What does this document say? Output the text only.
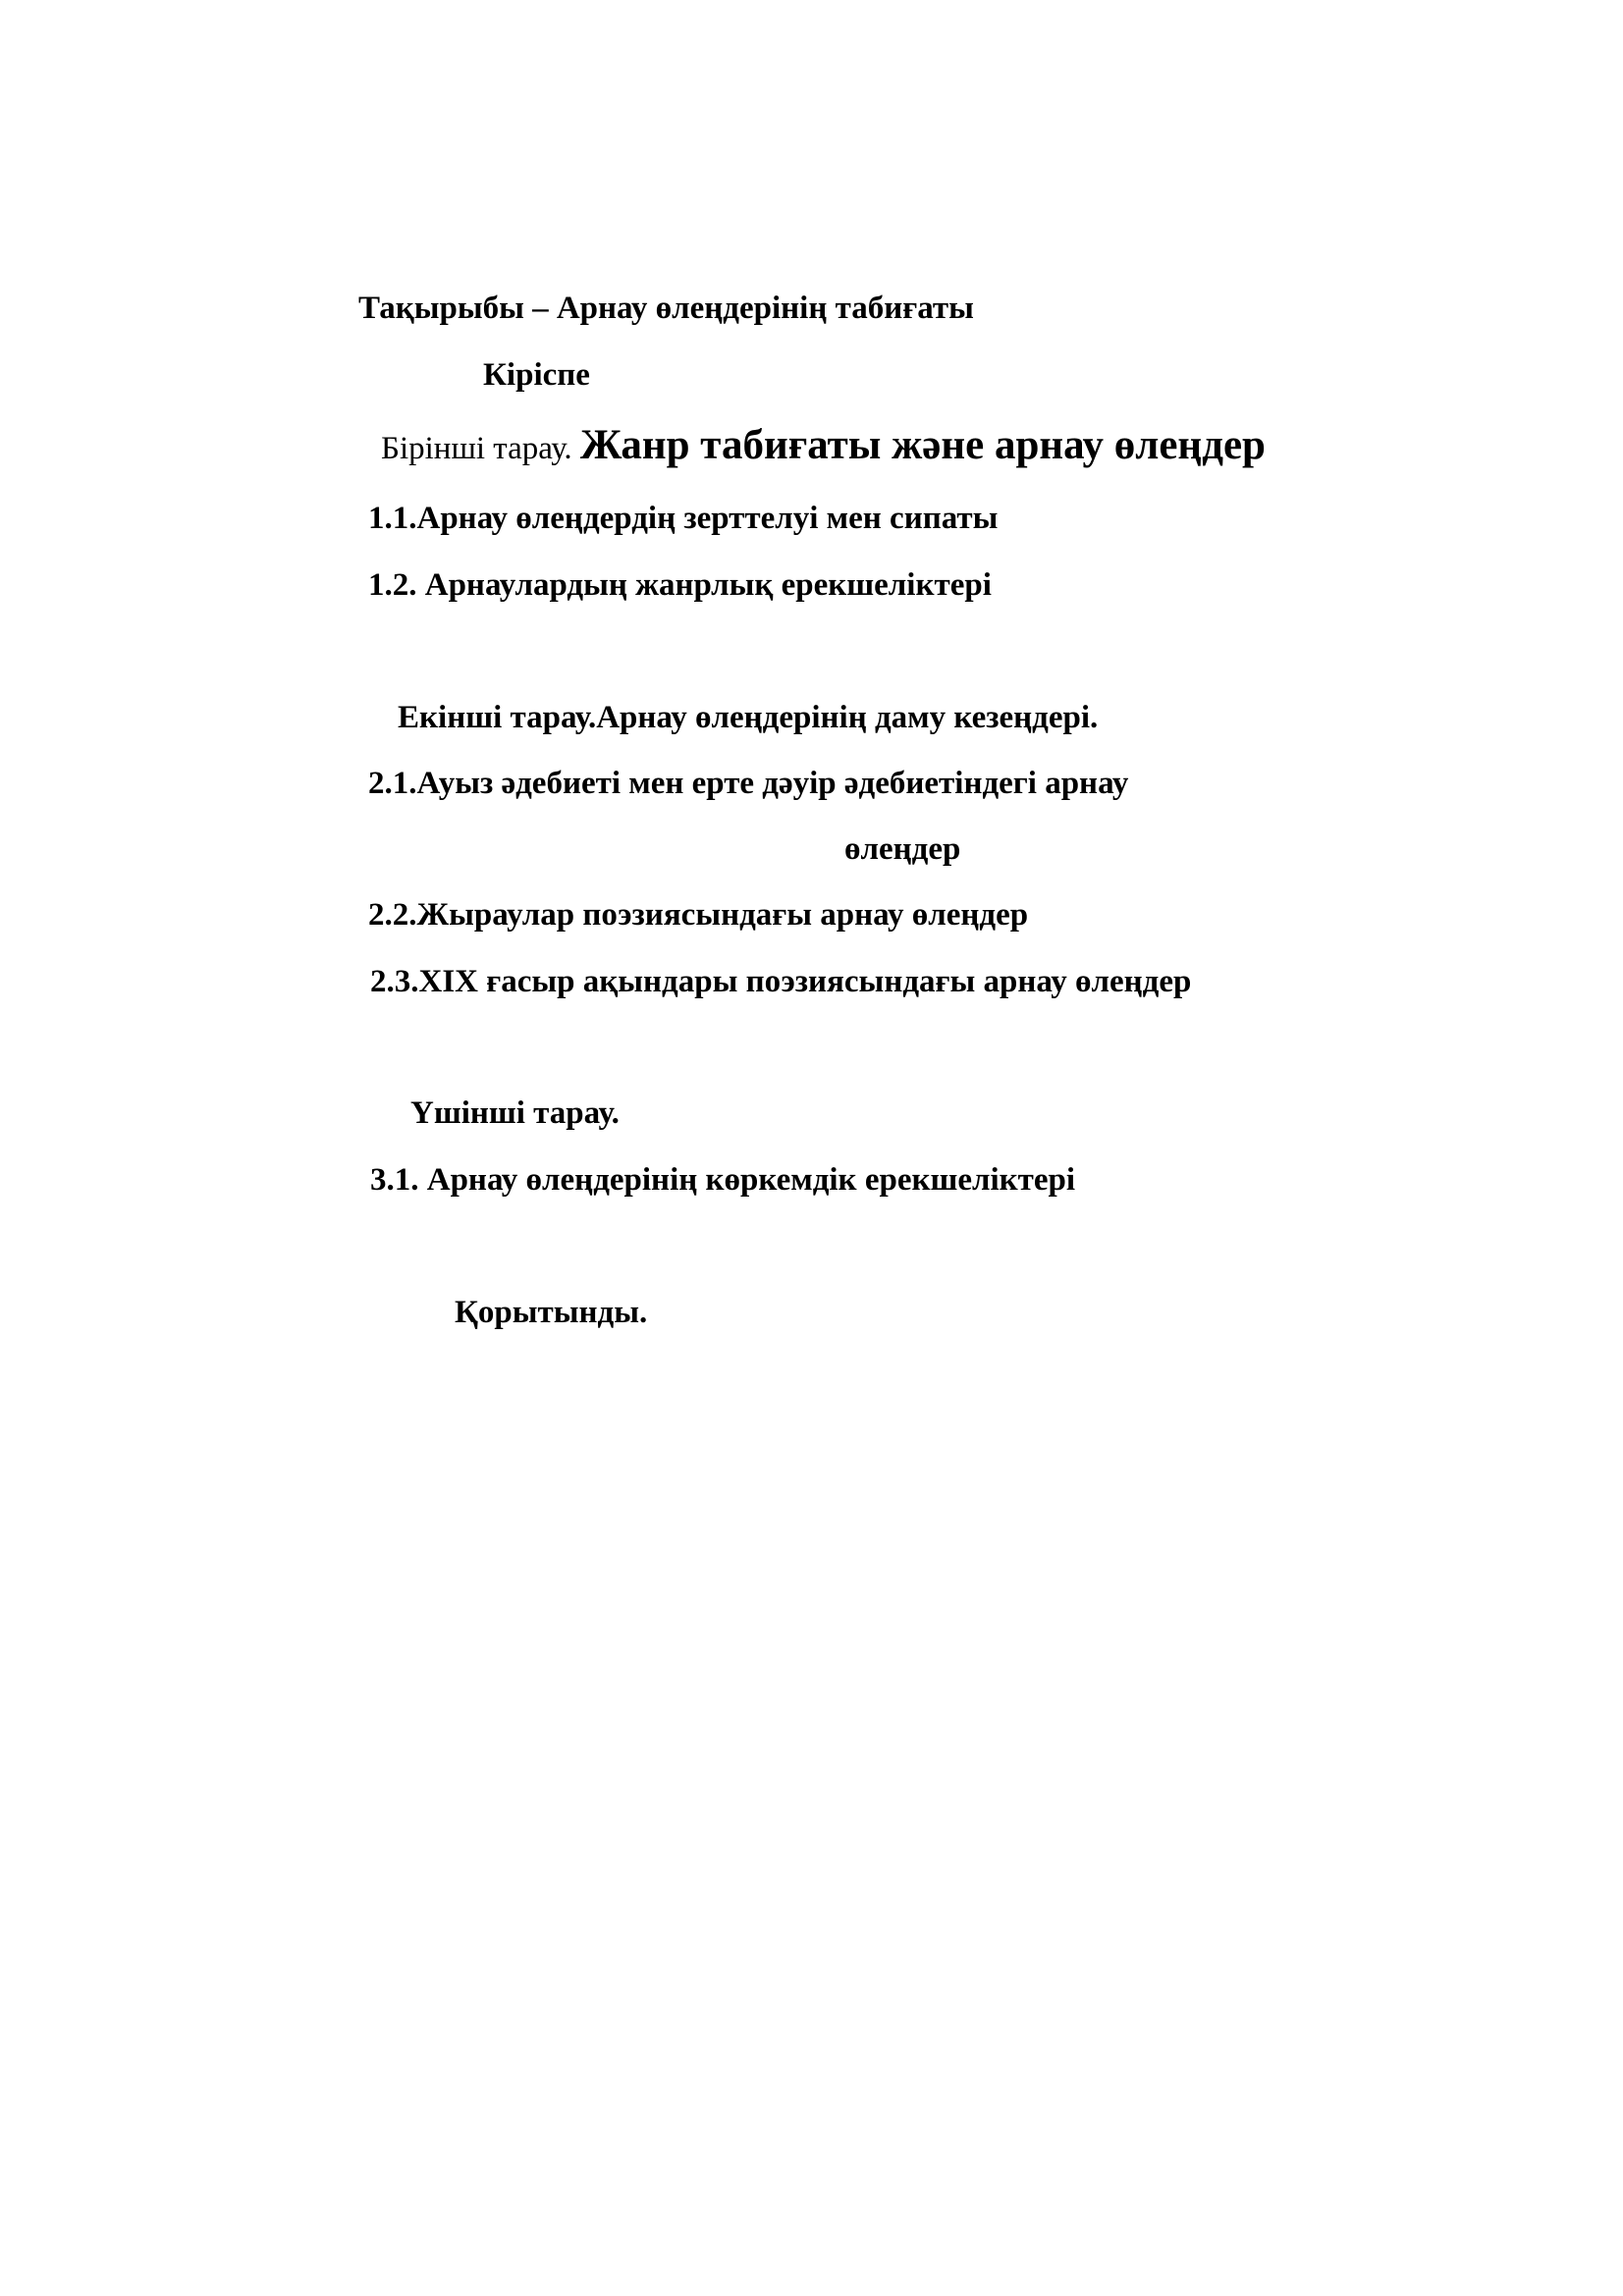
Тақырыбы – Арнау өлеңдерінің табиғаты
Кіріспе
Бірінші тарау. Жанр табиғаты және арнау өлеңдер
1.1.Арнау өлеңдердің зерттелуі мен сипаты
1.2. Арнаулардың жанрлық ерекшеліктері
Екінші тарау.Арнау өлеңдерінің даму кезеңдері.
2.1.Ауыз әдебиеті мен ерте дәуір әдебиетіндегі арнау
өлеңдер
2.2.Жыраулар поэзиясындағы арнау өлеңдер
2.3.XIX ғасыр ақындары поэзиясындағы арнау өлеңдер
Үшінші тарау.
3.1. Арнау өлеңдерінің көркемдік ерекшеліктері
Қорытынды.
